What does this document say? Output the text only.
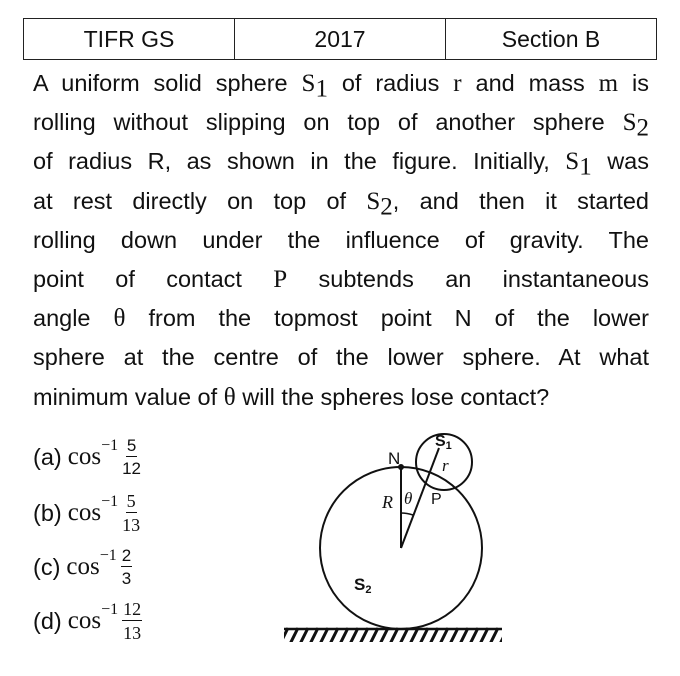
TIFR GS	2017	Section B
A uniform solid sphere $S_1$ of radius r and mass m is
rolling without slipping on top of another sphere $S_2$
of radius R, as shown in the figure. Initially, $S_1$ was
at rest directly on top of $S_2$, and then it started
rolling down under the influence of gravity. The
point of contact P subtends an instantaneous
angle θ from the topmost point N of the lower
sphere at the centre of the lower sphere. At what
minimum value of θ will the spheres lose contact?
(a) $\cos -1 \frac{5}{12}$
(b) $\cos -1 \frac{5}{13}$
(c) $\cos -1 \frac{2}{3}$
(d) $\cos -1 \frac{12}{13}$
N
R θ P
r
S1
S2
